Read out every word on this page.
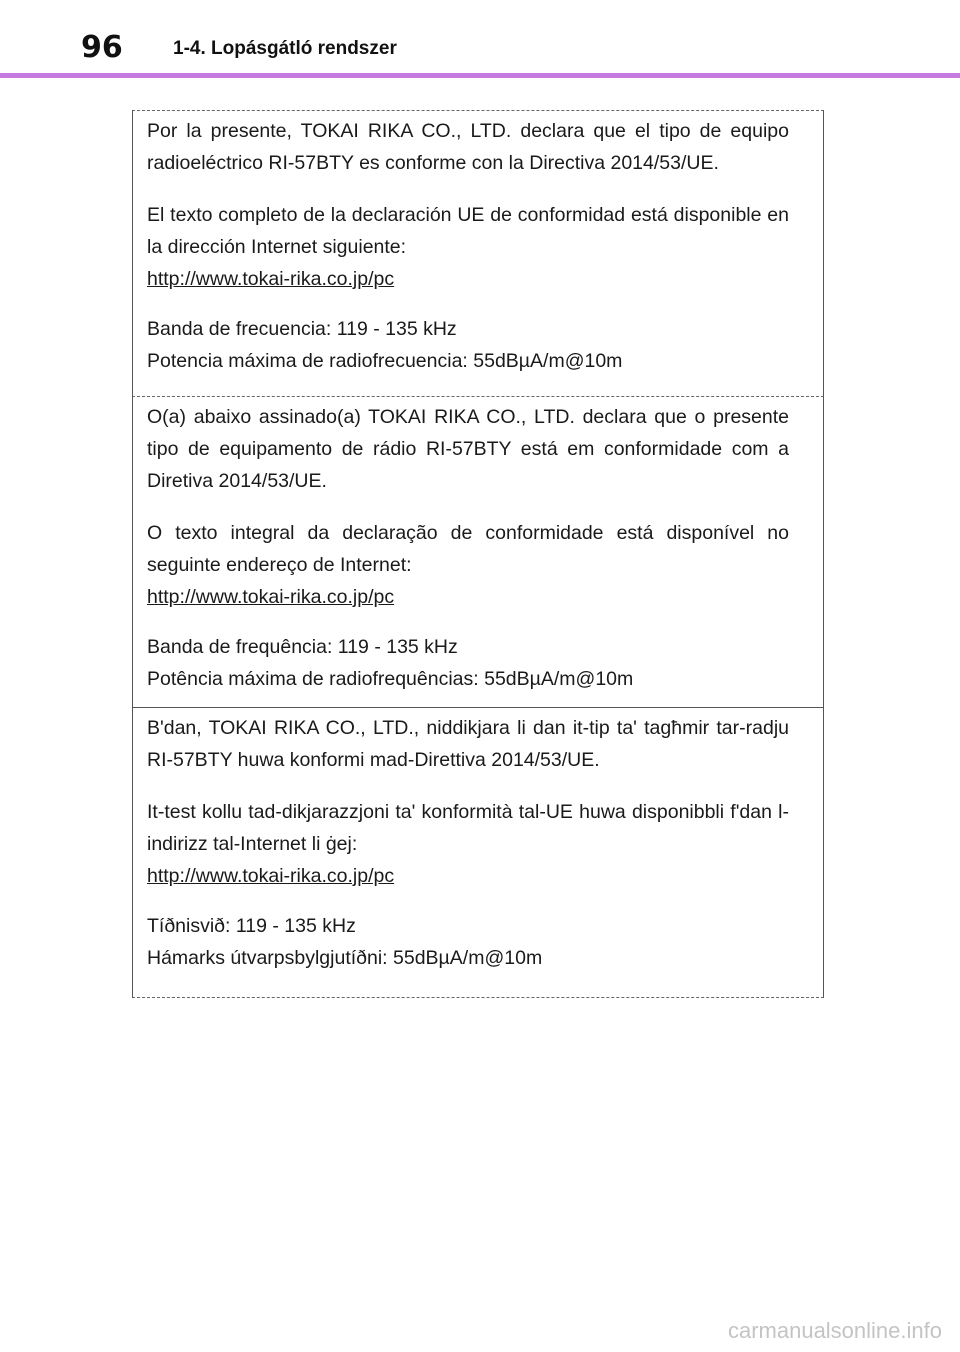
96	1-4. Lopásgátló rendszer

Por la presente, TOKAI RIKA CO., LTD. declara que el tipo de equipo radioeléctrico RI-57BTY es conforme con la Directiva 2014/53/UE.

El texto completo de la declaración UE de conformidad está disponible en la dirección Internet siguiente:

http://www.tokai-rika.co.jp/pc

Banda de frecuencia: 119 - 135 kHz

Potencia máxima de radiofrecuencia: 55dBµA/m@10m

O(a) abaixo assinado(a) TOKAI RIKA CO., LTD. declara que o presente tipo de equipamento de rádio RI-57BTY está em conformidade com a Diretiva 2014/53/UE.

O texto integral da declaração de conformidade está disponível no seguinte endereço de Internet:

http://www.tokai-rika.co.jp/pc

Banda de frequência: 119 - 135 kHz

Potência máxima de radiofrequências: 55dBµA/m@10m

B'dan, TOKAI RIKA CO., LTD., niddikjara li dan it-tip ta' tagħmir tar-radju RI-57BTY huwa konformi mad-Direttiva 2014/53/UE.

It-test kollu tad-dikjarazzjoni ta' konformità tal-UE huwa disponibbli f'dan l-indirizz tal-Internet li ġej:

http://www.tokai-rika.co.jp/pc

Tíðnisvið: 119 - 135 kHz

Hámarks útvarpsbylgjutíðni: 55dBµA/m@10m

carmanualsonline.info
